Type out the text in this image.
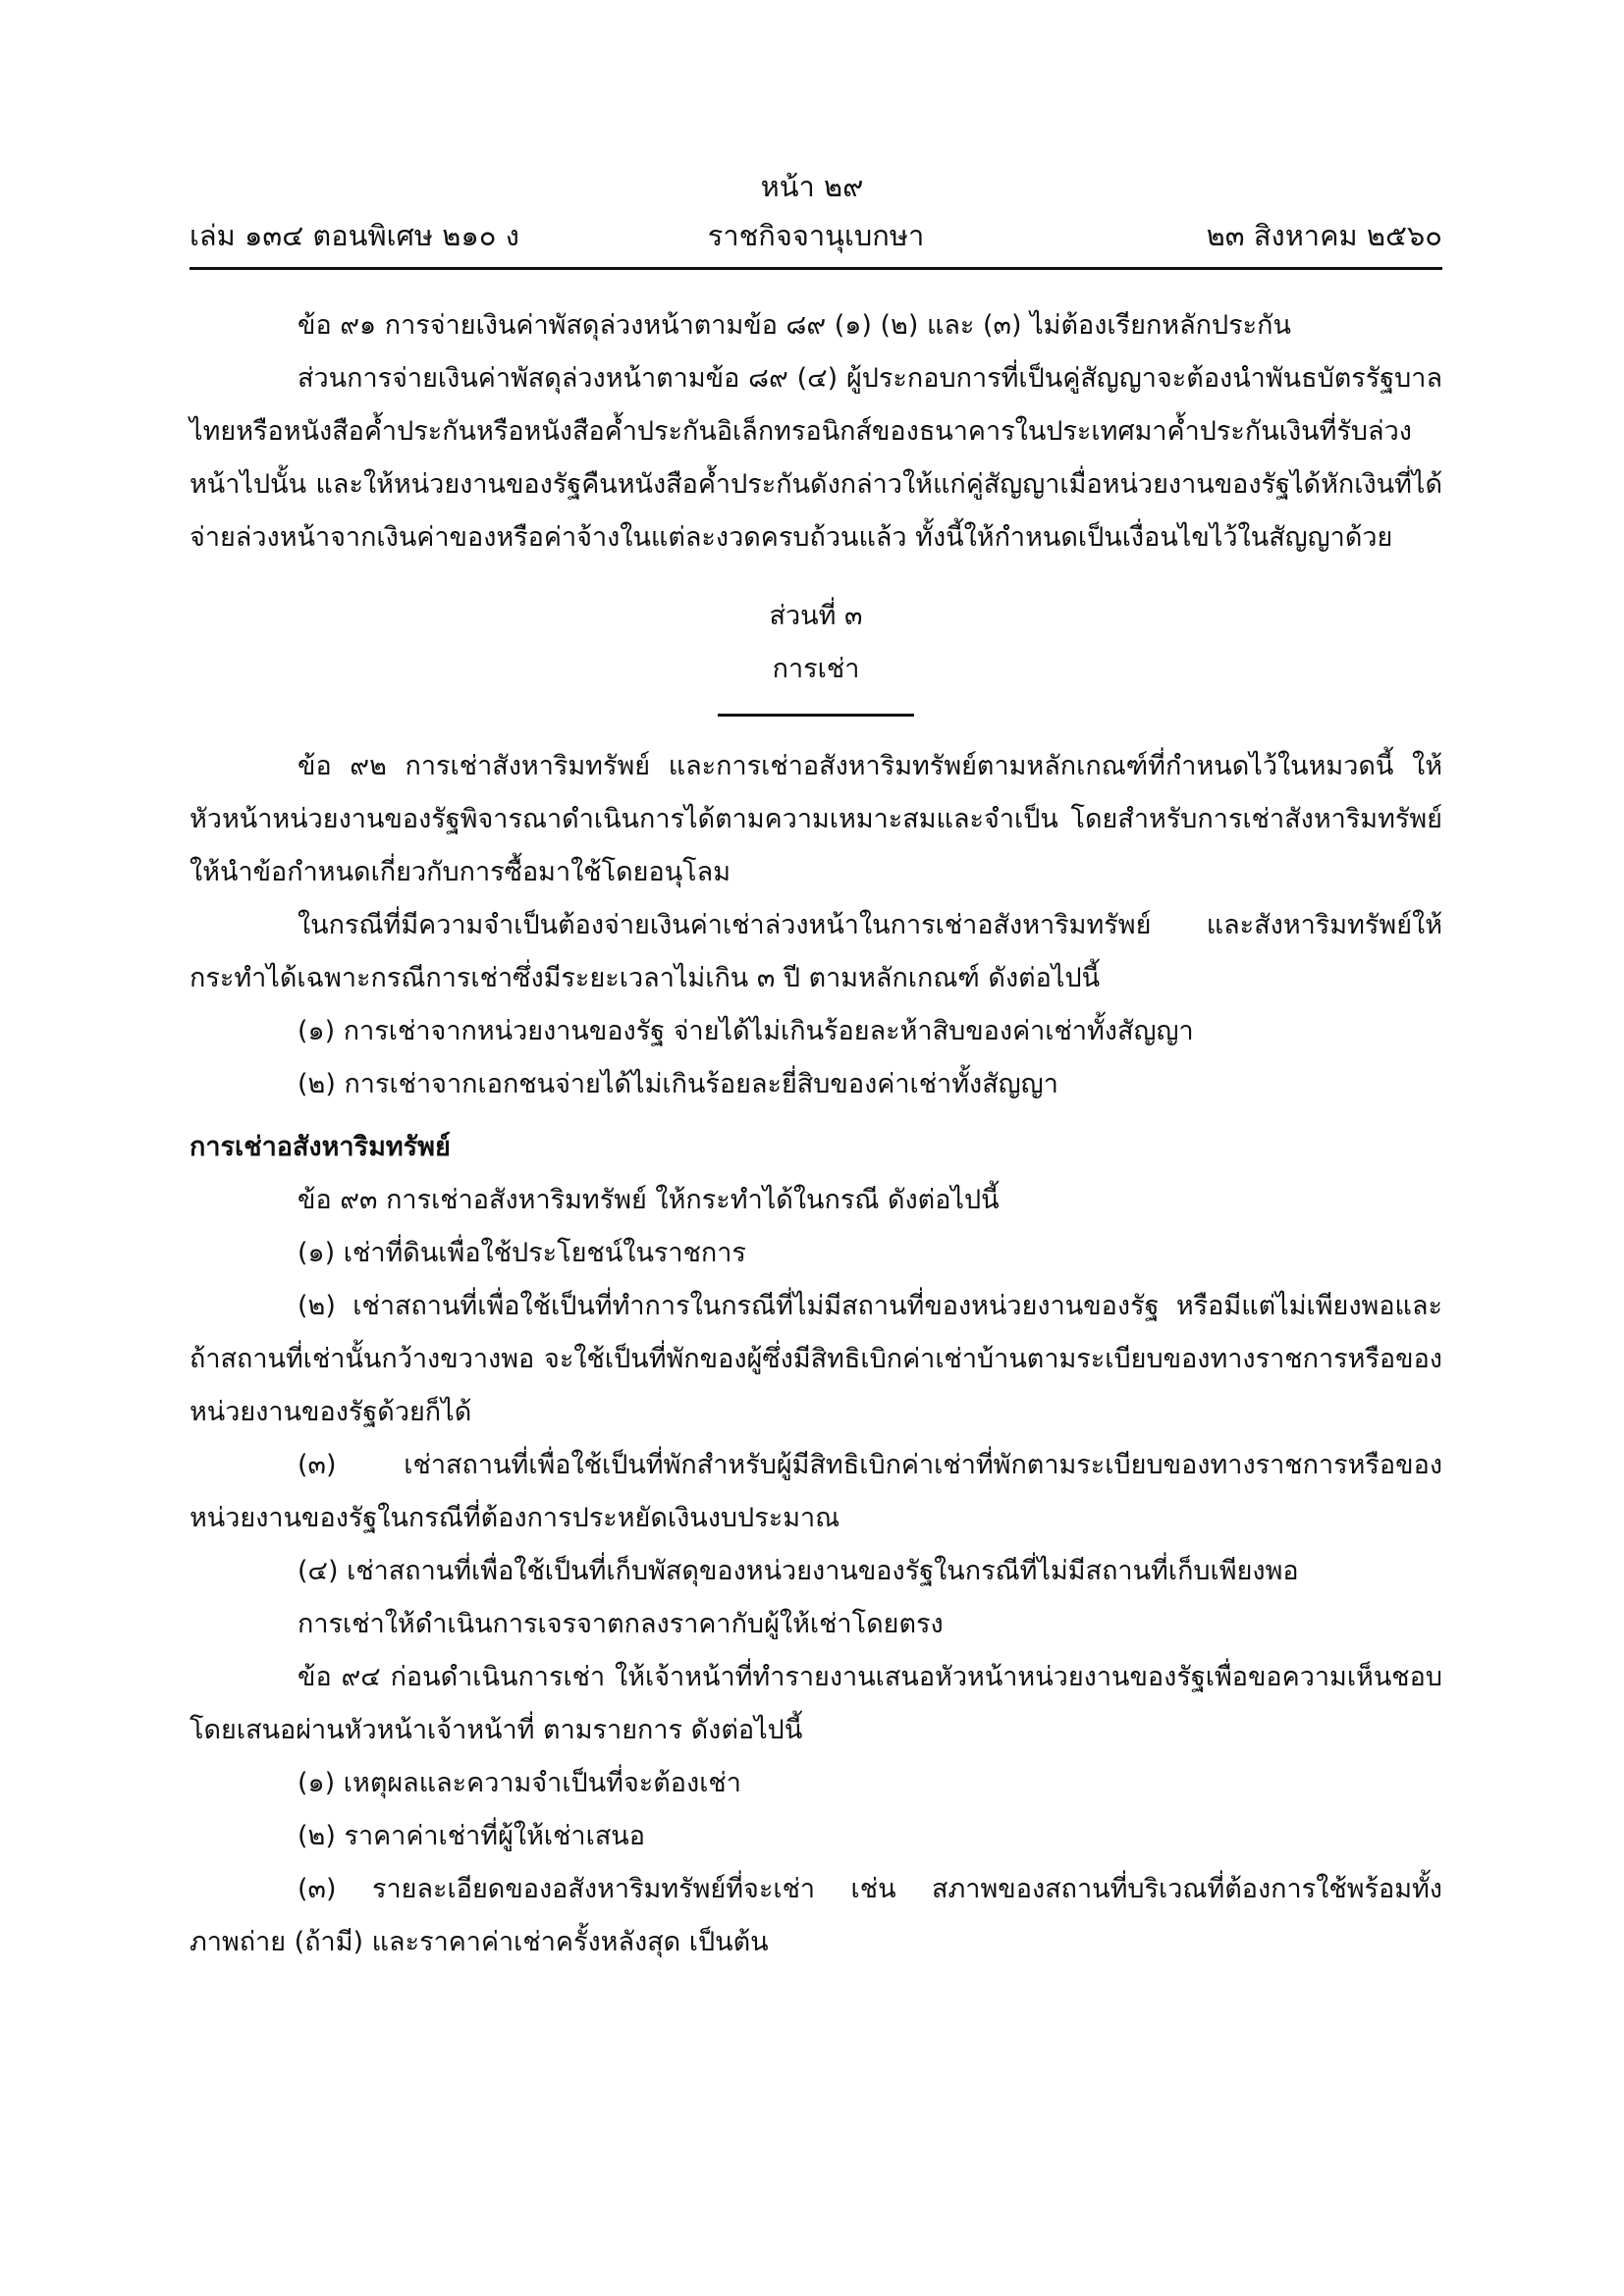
หน้า ๒๙
เล่ม ๑๓๔ ตอนพิเศษ ๒๑๐ ง	ราชกิจจานุเบกษา	๒๓ สิงหาคม ๒๕๖๐

ข้อ ๙๑ การจ่ายเงินค่าพัสดุล่วงหน้าตามข้อ ๘๙ (๑) (๒) และ (๓) ไม่ต้องเรียกหลักประกัน

ส่วนการจ่ายเงินค่าพัสดุล่วงหน้าตามข้อ ๘๙ (๔) ผู้ประกอบการที่เป็นคู่สัญญาจะต้องนำพันธบัตรรัฐบาลไทยหรือหนังสือค้ำประกันหรือหนังสือค้ำประกันอิเล็กทรอนิกส์ของธนาคารในประเทศมาค้ำประกันเงินที่รับล่วงหน้าไปนั้น และให้หน่วยงานของรัฐคืนหนังสือค้ำประกันดังกล่าวให้แก่คู่สัญญาเมื่อหน่วยงานของรัฐได้หักเงินที่ได้จ่ายล่วงหน้าจากเงินค่าของหรือค่าจ้างในแต่ละงวดครบถ้วนแล้ว ทั้งนี้ให้กำหนดเป็นเงื่อนไขไว้ในสัญญาด้วย

ส่วนที่ ๓

การเช่า

ข้อ ๙๒ การเช่าสังหาริมทรัพย์ และการเช่าอสังหาริมทรัพย์ตามหลักเกณฑ์ที่กำหนดไว้ในหมวดนี้ ให้หัวหน้าหน่วยงานของรัฐพิจารณาดำเนินการได้ตามความเหมาะสมและจำเป็น โดยสำหรับการเช่าสังหาริมทรัพย์ให้นำข้อกำหนดเกี่ยวกับการซื้อมาใช้โดยอนุโลม

ในกรณีที่มีความจำเป็นต้องจ่ายเงินค่าเช่าล่วงหน้าในการเช่าอสังหาริมทรัพย์ และสังหาริมทรัพย์ให้กระทำได้เฉพาะกรณีการเช่าซึ่งมีระยะเวลาไม่เกิน ๓ ปี ตามหลักเกณฑ์ ดังต่อไปนี้

(๑) การเช่าจากหน่วยงานของรัฐ จ่ายได้ไม่เกินร้อยละห้าสิบของค่าเช่าทั้งสัญญา

(๒) การเช่าจากเอกชนจ่ายได้ไม่เกินร้อยละยี่สิบของค่าเช่าทั้งสัญญา

การเช่าอสังหาริมทรัพย์

ข้อ ๙๓ การเช่าอสังหาริมทรัพย์ ให้กระทำได้ในกรณี ดังต่อไปนี้

(๑) เช่าที่ดินเพื่อใช้ประโยชน์ในราชการ

(๒) เช่าสถานที่เพื่อใช้เป็นที่ทำการในกรณีที่ไม่มีสถานที่ของหน่วยงานของรัฐ หรือมีแต่ไม่เพียงพอและถ้าสถานที่เช่านั้นกว้างขวางพอ จะใช้เป็นที่พักของผู้ซึ่งมีสิทธิเบิกค่าเช่าบ้านตามระเบียบของทางราชการหรือของหน่วยงานของรัฐด้วยก็ได้

(๓) เช่าสถานที่เพื่อใช้เป็นที่พักสำหรับผู้มีสิทธิเบิกค่าเช่าที่พักตามระเบียบของทางราชการหรือของหน่วยงานของรัฐในกรณีที่ต้องการประหยัดเงินงบประมาณ

(๔) เช่าสถานที่เพื่อใช้เป็นที่เก็บพัสดุของหน่วยงานของรัฐในกรณีที่ไม่มีสถานที่เก็บเพียงพอ

การเช่าให้ดำเนินการเจรจาตกลงราคากับผู้ให้เช่าโดยตรง

ข้อ ๙๔ ก่อนดำเนินการเช่า ให้เจ้าหน้าที่ทำรายงานเสนอหัวหน้าหน่วยงานของรัฐเพื่อขอความเห็นชอบ โดยเสนอผ่านหัวหน้าเจ้าหน้าที่ ตามรายการ ดังต่อไปนี้

(๑) เหตุผลและความจำเป็นที่จะต้องเช่า

(๒) ราคาค่าเช่าที่ผู้ให้เช่าเสนอ

(๓) รายละเอียดของอสังหาริมทรัพย์ที่จะเช่า เช่น สภาพของสถานที่บริเวณที่ต้องการใช้พร้อมทั้งภาพถ่าย (ถ้ามี) และราคาค่าเช่าครั้งหลังสุด เป็นต้น
